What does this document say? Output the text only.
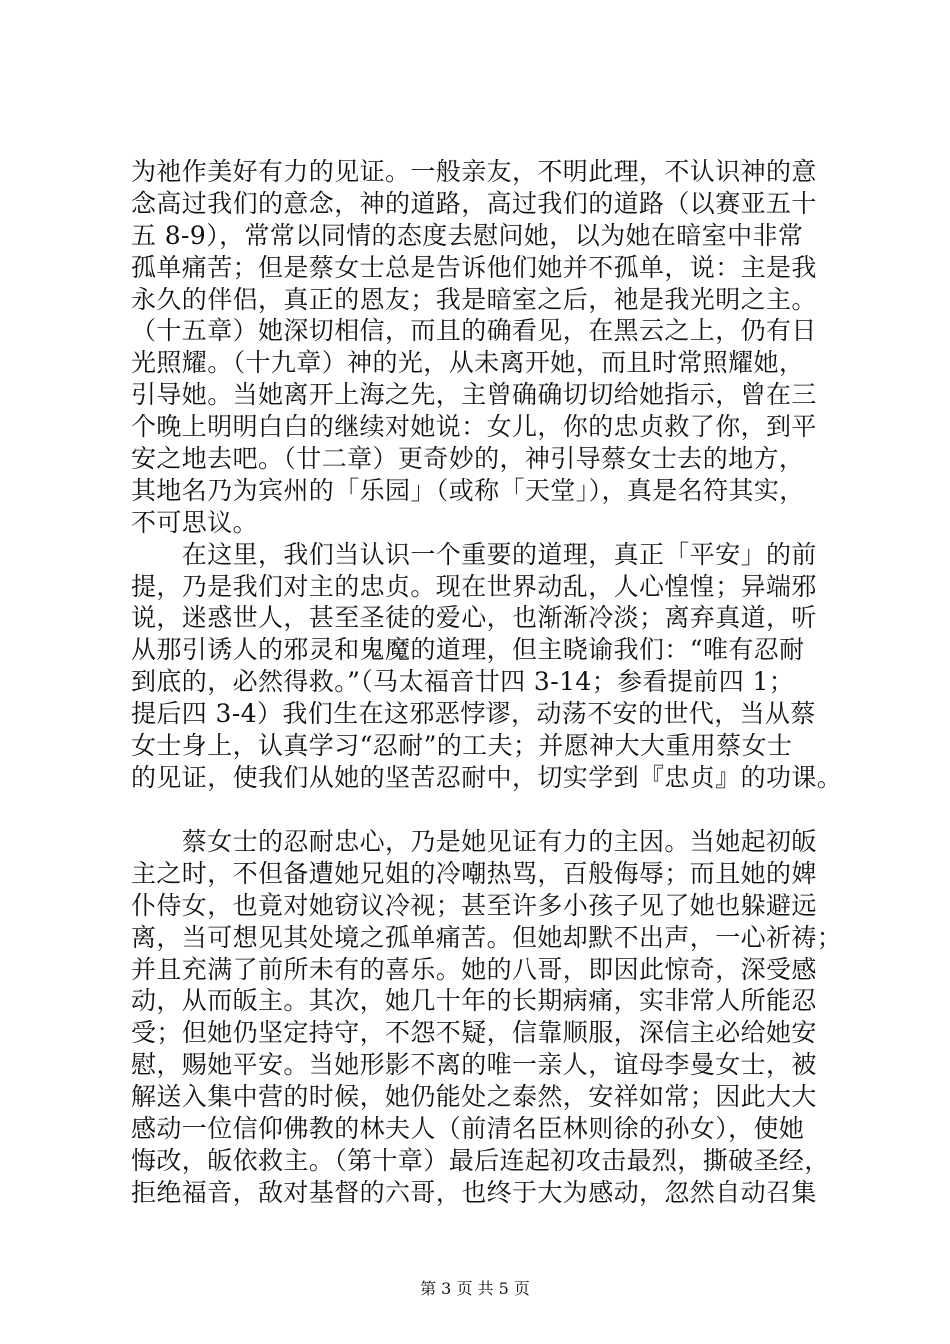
为祂作美好有力的见证。一般亲友，不明此理，不认识神的意
念高过我们的意念，神的道路，高过我们的道路（以赛亚五十
五 8-9），常常以同情的态度去慰问她，以为她在暗室中非常
孤单痛苦；但是蔡女士总是告诉他们她并不孤单，说：主是我
永久的伴侣，真正的恩友；我是暗室之后，祂是我光明之主。
（十五章）她深切相信，而且的确看见，在黑云之上，仍有日
光照耀。（十九章）神的光，从未离开她，而且时常照耀她，
引导她。当她离开上海之先，主曾确确切切给她指示，曾在三
个晚上明明白白的继续对她说：女儿，你的忠贞救了你，到平
安之地去吧。（廿二章）更奇妙的，神引导蔡女士去的地方，
其地名乃为宾州的「乐园」（或称「天堂」），真是名符其实，
不可思议。
　　在这里，我们当认识一个重要的道理，真正「平安」的前
提，乃是我们对主的忠贞。现在世界动乱，人心惶惶；异端邪
说，迷惑世人，甚至圣徒的爱心，也渐渐冷淡；离弃真道，听
从那引诱人的邪灵和鬼魔的道理，但主晓谕我们：“唯有忍耐
到底的，必然得救。”（马太福音廿四 3-14；参看提前四 1；
提后四 3-4）我们生在这邪恶悖谬，动荡不安的世代，当从蔡
女士身上，认真学习“忍耐”的工夫；并愿神大大重用蔡女士
的见证，使我们从她的坚苦忍耐中，切实学到『忠贞』的功课。
　　蔡女士的忍耐忠心，乃是她见证有力的主因。当她起初皈
主之时，不但备遭她兄姐的冷嘲热骂，百般侮辱；而且她的婢
仆侍女，也竟对她窃议冷视；甚至许多小孩子见了她也躲避远
离，当可想见其处境之孤单痛苦。但她却默不出声，一心祈祷；
并且充满了前所未有的喜乐。她的八哥，即因此惊奇，深受感
动，从而皈主。其次，她几十年的长期病痛，实非常人所能忍
受；但她仍坚定持守，不怨不疑，信靠顺服，深信主必给她安
慰，赐她平安。当她形影不离的唯一亲人，谊母李曼女士，被
解送入集中营的时候，她仍能处之泰然，安祥如常；因此大大
感动一位信仰佛教的林夫人（前清名臣林则徐的孙女），使她
悔改，皈依救主。（第十章）最后连起初攻击最烈，撕破圣经，
拒绝福音，敌对基督的六哥，也终于大为感动，忽然自动召集
第 3 页 共 5 页
